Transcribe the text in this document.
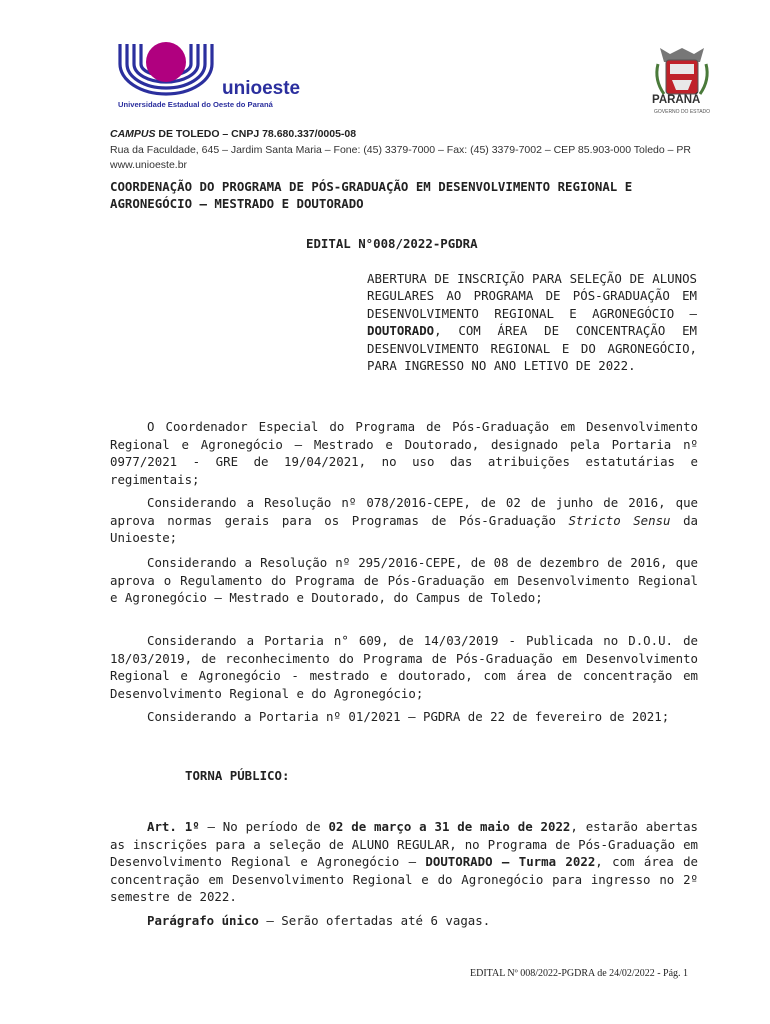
unioeste
Universidade Estadual do Oeste do Paraná	PARANÁ
GOVERNO DO ESTADO
CAMPUS DE TOLEDO – CNPJ 78.680.337/0005-08
Rua da Faculdade, 645 – Jardim Santa Maria – Fone: (45) 3379-7000 – Fax: (45) 3379-7002 – CEP 85.903-000 Toledo – PR
www.unioeste.br
COORDENAÇÃO DO PROGRAMA DE PÓS-GRADUAÇÃO EM DESENVOLVIMENTO REGIONAL E AGRONEGÓCIO – MESTRADO E DOUTORADO
EDITAL N°008/2022-PGDRA
ABERTURA DE INSCRIÇÃO PARA SELEÇÃO DE ALUNOS REGULARES AO PROGRAMA DE PÓS-GRADUAÇÃO EM DESENVOLVIMENTO REGIONAL E AGRONEGÓCIO – DOUTORADO, COM ÁREA DE CONCENTRAÇÃO EM DESENVOLVIMENTO REGIONAL E DO AGRONEGÓCIO, PARA INGRESSO NO ANO LETIVO DE 2022.
O Coordenador Especial do Programa de Pós-Graduação em Desenvolvimento Regional e Agronegócio – Mestrado e Doutorado, designado pela Portaria nº 0977/2021 - GRE de 19/04/2021, no uso das atribuições estatutárias e regimentais;
Considerando a Resolução nº 078/2016-CEPE, de 02 de junho de 2016, que aprova normas gerais para os Programas de Pós-Graduação Stricto Sensu da Unioeste;
Considerando a Resolução nº 295/2016-CEPE, de 08 de dezembro de 2016, que aprova o Regulamento do Programa de Pós-Graduação em Desenvolvimento Regional e Agronegócio – Mestrado e Doutorado, do Campus de Toledo;
Considerando a Portaria n° 609, de 14/03/2019 - Publicada no D.O.U. de 18/03/2019, de reconhecimento do Programa de Pós-Graduação em Desenvolvimento Regional e Agronegócio - mestrado e doutorado, com área de concentração em Desenvolvimento Regional e do Agronegócio;
Considerando a Portaria nº 01/2021 – PGDRA de 22 de fevereiro de 2021;
TORNA PÚBLICO:
Art. 1º – No período de 02 de março a 31 de maio de 2022, estarão abertas as inscrições para a seleção de ALUNO REGULAR, no Programa de Pós-Graduação em Desenvolvimento Regional e Agronegócio – DOUTORADO – Turma 2022, com área de concentração em Desenvolvimento Regional e do Agronegócio para ingresso no 2º semestre de 2022.
Parágrafo único – Serão ofertadas até 6 vagas.
EDITAL Nº 008/2022-PGDRA de 24/02/2022 - Pág. 1
